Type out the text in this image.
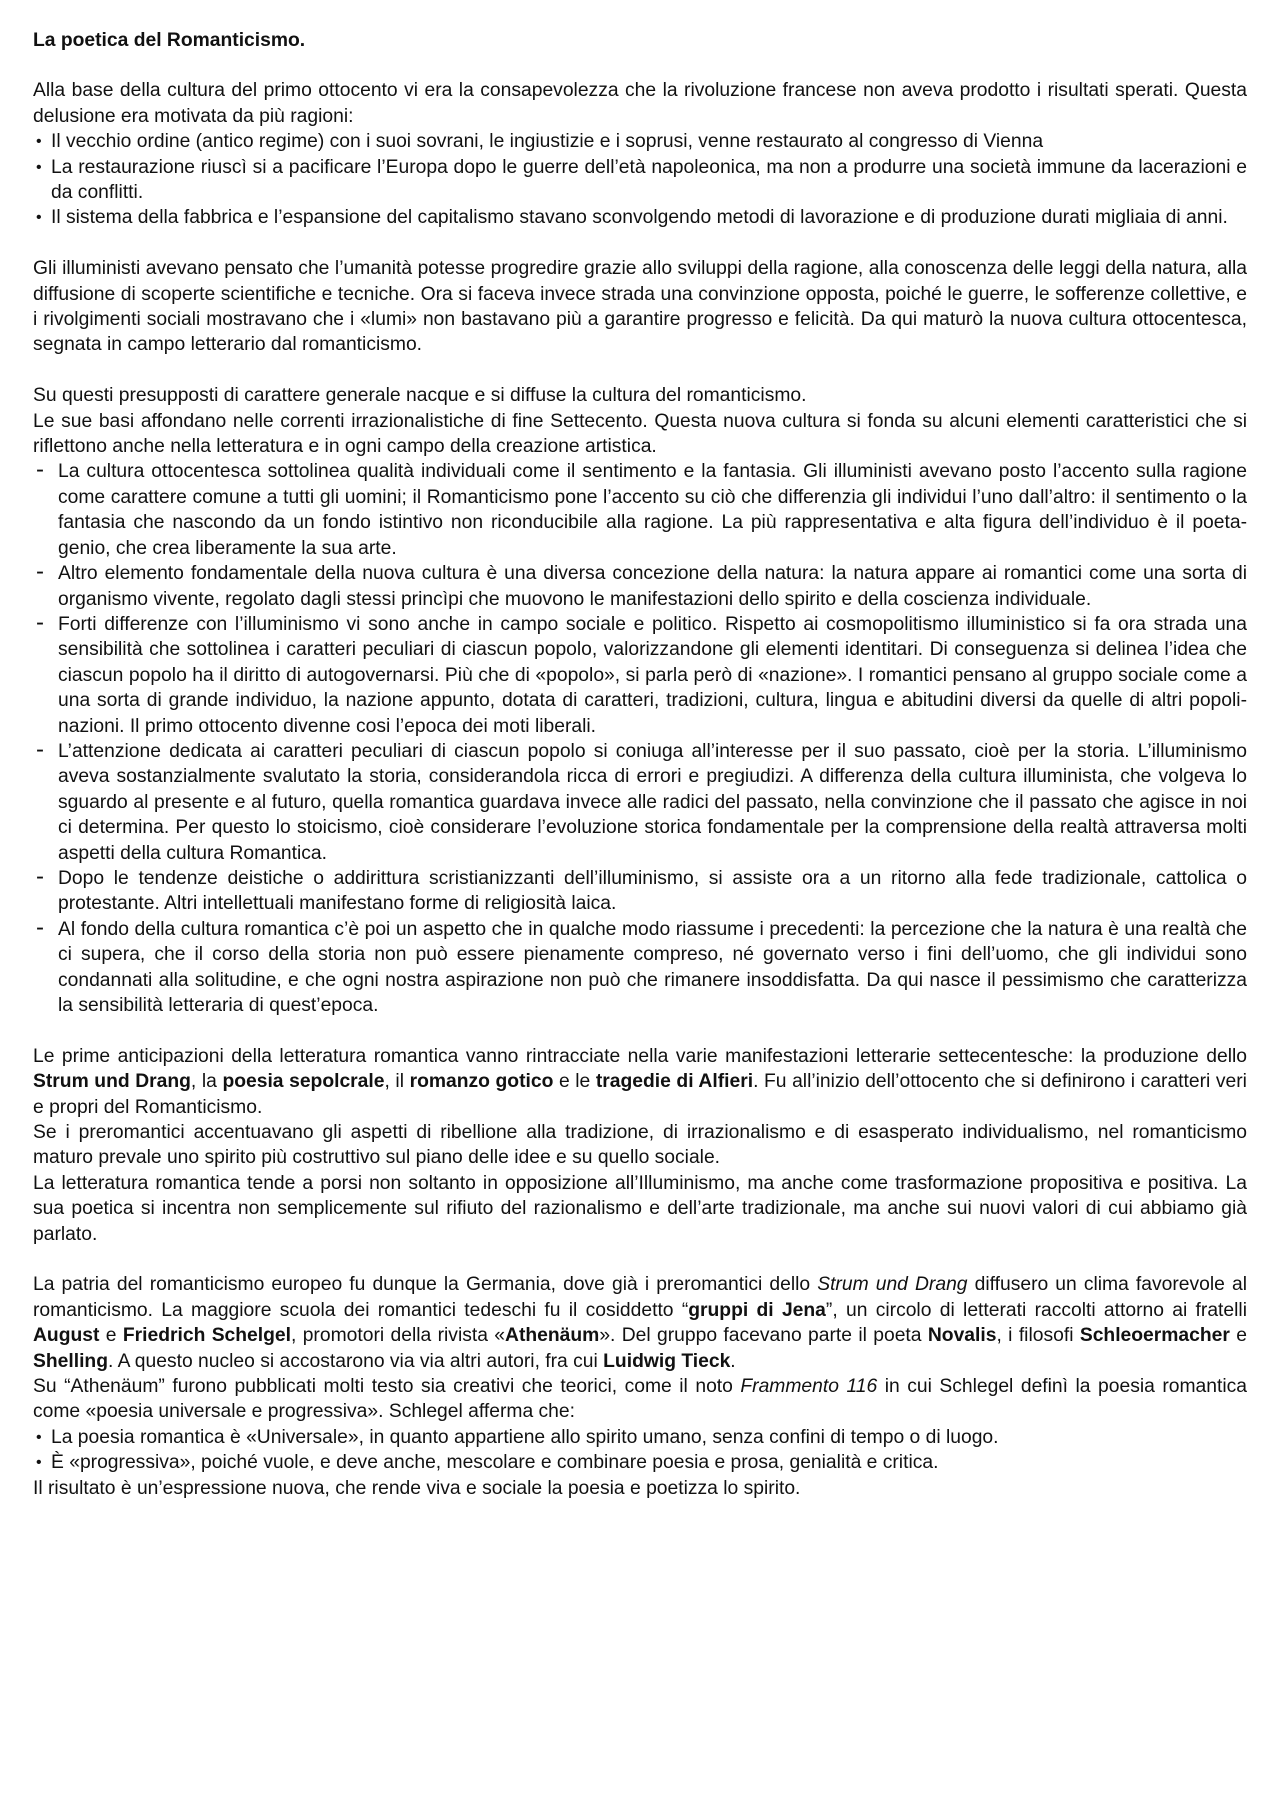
La poetica del Romanticismo.

Alla base della cultura del primo ottocento vi era la consapevolezza che la rivoluzione francese non aveva prodotto i risultati sperati. Questa delusione era motivata da più ragioni:

• Il vecchio ordine (antico regime) con i suoi sovrani, le ingiustizie e i soprusi, venne restaurato al congresso di Vienna
• La restaurazione riuscì si a pacificare l’Europa dopo le guerre dell’età napoleonica, ma non a produrre una società immune da lacerazioni e da conflitti.
• Il sistema della fabbrica e l’espansione del capitalismo stavano sconvolgendo metodi di lavorazione e di produzione durati migliaia di anni.

Gli illuministi avevano pensato che l’umanità potesse progredire grazie allo sviluppi della ragione, alla conoscenza delle leggi della natura, alla diffusione di scoperte scientifiche e tecniche. Ora si faceva invece strada una convinzione opposta, poiché le guerre, le sofferenze collettive, e i rivolgimenti sociali mostravano che i «lumi» non bastavano più a garantire progresso e felicità. Da qui maturò la nuova cultura ottocentesca, segnata in campo letterario dal romanticismo.

Su questi presupposti di carattere generale nacque e si diffuse la cultura del romanticismo.

Le sue basi affondano nelle correnti irrazionalistiche di fine Settecento. Questa nuova cultura si fonda su alcuni elementi caratteristici che si riflettono anche nella letteratura e in ogni campo della creazione artistica.

- La cultura ottocentesca sottolinea qualità individuali come il sentimento e la fantasia. Gli illuministi avevano posto l’accento sulla ragione come carattere comune a tutti gli uomini; il Romanticismo pone l’accento su ciò che differenzia gli individui l’uno dall’altro: il sentimento o la fantasia che nascondo da un fondo istintivo non riconducibile alla ragione. La più rappresentativa e alta figura dell’individuo è il poeta-genio, che crea liberamente la sua arte.
- Altro elemento fondamentale della nuova cultura è una diversa concezione della natura: la natura appare ai romantici come una sorta di organismo vivente, regolato dagli stessi princìpi che muovono le manifestazioni dello spirito e della coscienza individuale.
- Forti differenze con l’illuminismo vi sono anche in campo sociale e politico. Rispetto ai cosmopolitismo illuministico si fa ora strada una sensibilità che sottolinea i caratteri peculiari di ciascun popolo, valorizzandone gli elementi identitari. Di conseguenza si delinea l’idea che ciascun popolo ha il diritto di autogovernarsi. Più che di «popolo», si parla però di «nazione». I romantici pensano al gruppo sociale come a una sorta di grande individuo, la nazione appunto, dotata di caratteri, tradizioni, cultura, lingua e abitudini diversi da quelle di altri popoli-nazioni. Il primo ottocento divenne cosi l’epoca dei moti liberali.
- L’attenzione dedicata ai caratteri peculiari di ciascun popolo si coniuga all’interesse per il suo passato, cioè per la storia. L’illuminismo aveva sostanzialmente svalutato la storia, considerandola ricca di errori e pregiudizi. A differenza della cultura illuminista, che volgeva lo sguardo al presente e al futuro, quella romantica guardava invece alle radici del passato, nella convinzione che il passato che agisce in noi ci determina. Per questo lo stoicismo, cioè considerare l’evoluzione storica fondamentale per la comprensione della realtà attraversa molti aspetti della cultura Romantica.
- Dopo le tendenze deistiche o addirittura scristianizzanti dell’illuminismo, si assiste ora a un ritorno alla fede tradizionale, cattolica o protestante. Altri intellettuali manifestano forme di religiosità laica.
- Al fondo della cultura romantica c’è poi un aspetto che in qualche modo riassume i precedenti: la percezione che la natura è una realtà che ci supera, che il corso della storia non può essere pienamente compreso, né governato verso i fini dell’uomo, che gli individui sono condannati alla solitudine, e che ogni nostra aspirazione non può che rimanere insoddisfatta. Da qui nasce il pessimismo che caratterizza la sensibilità letteraria di quest’epoca.

Le prime anticipazioni della letteratura romantica vanno rintracciate nella varie manifestazioni letterarie settecentesche: la produzione dello Strum und Drang, la poesia sepolcrale, il romanzo gotico e le tragedie di Alfieri. Fu all’inizio dell’ottocento che si definirono i caratteri veri e propri del Romanticismo.

Se i preromantici accentuavano gli aspetti di ribellione alla tradizione, di irrazionalismo e di esasperato individualismo, nel romanticismo maturo prevale uno spirito più costruttivo sul piano delle idee e su quello sociale.

La letteratura romantica tende a porsi non soltanto in opposizione all’Illuminismo, ma anche come trasformazione propositiva e positiva. La sua poetica si incentra non semplicemente sul rifiuto del razionalismo e dell’arte tradizionale, ma anche sui nuovi valori di cui abbiamo già parlato.

La patria del romanticismo europeo fu dunque la Germania, dove già i preromantici dello Strum und Drang diffusero un clima favorevole al romanticismo. La maggiore scuola dei romantici tedeschi fu il cosiddetto “gruppi di Jena”, un circolo di letterati raccolti attorno ai fratelli August e Friedrich Schelgel, promotori della rivista «Athenäum». Del gruppo facevano parte il poeta Novalis, i filosofi Schleoermacher e Shelling. A questo nucleo si accostarono via via altri autori, fra cui Luidwig Tieck.

Su “Athenäum” furono pubblicati molti testo sia creativi che teorici, come il noto Frammento 116 in cui Schlegel definì la poesia romantica come «poesia universale e progressiva». Schlegel afferma che:

• La poesia romantica è «Universale», in quanto appartiene allo spirito umano, senza confini di tempo o di luogo.
• È «progressiva», poiché vuole, e deve anche, mescolare e combinare poesia e prosa, genialità e critica.

Il risultato è un’espressione nuova, che rende viva e sociale la poesia e poetizza lo spirito.
